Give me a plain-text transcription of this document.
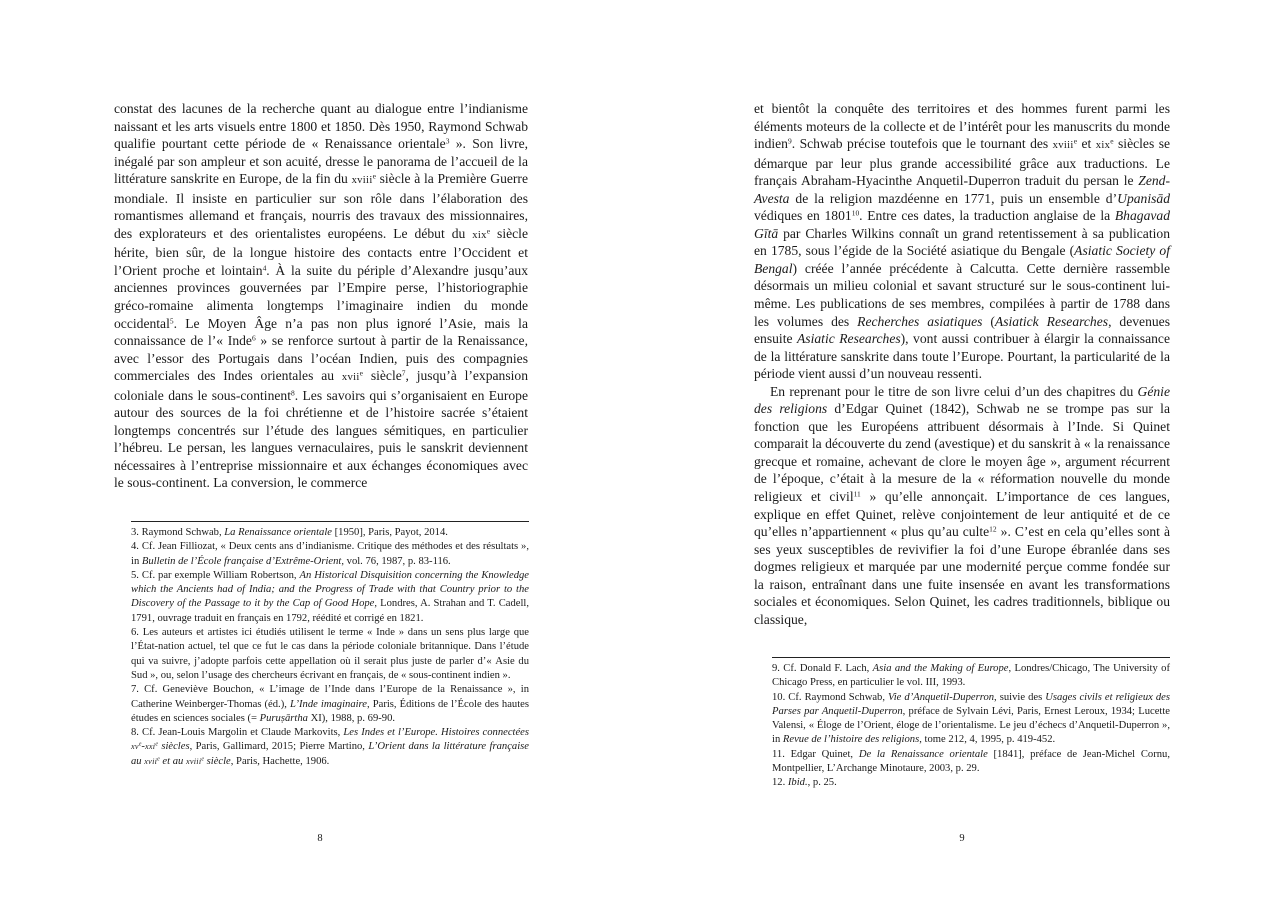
constat des lacunes de la recherche quant au dialogue entre l’indianisme naissant et les arts visuels entre 1800 et 1850. Dès 1950, Raymond Schwab qualifie pourtant cette période de « Renaissance orientale$^3$ ». Son livre, inégalé par son ampleur et son acuité, dresse le panorama de l’accueil de la littérature sanskrite en Europe, de la fin du xviii$^e$ siècle à la Première Guerre mondiale. Il insiste en particulier sur son rôle dans l’élaboration des romantismes allemand et français, nourris des travaux des missionnaires, des explorateurs et des orientalistes européens. Le début du xix$^e$ siècle hérite, bien sûr, de la longue histoire des contacts entre l’Occident et l’Orient proche et lointain$^4$. À la suite du périple d’Alexandre jusqu’aux anciennes provinces gouvernées par l’Empire perse, l’historiographie gréco-romaine alimenta longtemps l’imaginaire indien du monde occidental$^5$. Le Moyen Âge n’a pas non plus ignoré l’Asie, mais la connaissance de l’« Inde$^6$ » se renforce surtout à partir de la Renaissance, avec l’essor des Portugais dans l’océan Indien, puis des compagnies commerciales des Indes orientales au xvii$^e$ siècle$^7$, jusqu’à l’expansion coloniale dans le sous-continent$^8$. Les savoirs qui s’organisaient en Europe autour des sources de la foi chrétienne et de l’histoire sacrée s’étaient longtemps concentrés sur l’étude des langues sémitiques, en particulier l’hébreu. Le persan, les langues vernaculaires, puis le sanskrit deviennent nécessaires à l’entreprise missionnaire et aux échanges économiques avec le sous-continent. La conversion, le commerce

3. Raymond Schwab, La Renaissance orientale [1950], Paris, Payot, 2014.

4. Cf. Jean Filliozat, « Deux cents ans d’indianisme. Critique des méthodes et des résultats », in Bulletin de l’École française d’Extrême-Orient, vol. 76, 1987, p. 83-116.

5. Cf. par exemple William Robertson, An Historical Disquisition concerning the Knowledge which the Ancients had of India; and the Progress of Trade with that Country prior to the Discovery of the Passage to it by the Cap of Good Hope, Londres, A. Strahan and T. Cadell, 1791, ouvrage traduit en français en 1792, réédité et corrigé en 1821.

6. Les auteurs et artistes ici étudiés utilisent le terme « Inde » dans un sens plus large que l’État-nation actuel, tel que ce fut le cas dans la période coloniale britannique. Dans l’étude qui va suivre, j’adopte parfois cette appellation où il serait plus juste de parler d’« Asie du Sud », ou, selon l’usage des chercheurs écrivant en français, de « sous-continent indien ».

7. Cf. Geneviève Bouchon, « L’image de l’Inde dans l’Europe de la Renaissance », in Catherine Weinberger-Thomas (éd.), L’Inde imaginaire, Paris, Éditions de l’École des hautes études en sciences sociales (= Puruṣārtha XI), 1988, p. 69-90.

8. Cf. Jean-Louis Margolin et Claude Markovits, Les Indes et l’Europe. Histoires connectées $xv^e-xxi^e$ siècles, Paris, Gallimard, 2015; Pierre Martino, L’Orient dans la littérature française au xvii$^e$ et au xviii$^e$ siècle, Paris, Hachette, 1906.

8

et bientôt la conquête des territoires et des hommes furent parmi les éléments moteurs de la collecte et de l’intérêt pour les manuscrits du monde indien$^9$. Schwab précise toutefois que le tournant des xviii$^e$ et xix$^e$ siècles se démarque par leur plus grande accessibilité grâce aux traductions. Le français Abraham-Hyacinthe Anquetil-Duperron traduit du persan le Zend-Avesta de la religion mazdéenne en 1771, puis un ensemble d’Upanisād védiques en 1801$^{10}$. Entre ces dates, la traduction anglaise de la Bhagavad Gītā par Charles Wilkins connaît un grand retentissement à sa publication en 1785, sous l’égide de la Société asiatique du Bengale (Asiatic Society of Bengal) créée l’année précédente à Calcutta. Cette dernière rassemble désormais un milieu colonial et savant structuré sur le sous-continent lui-même. Les publications de ses membres, compilées à partir de 1788 dans les volumes des Recherches asiatiques (Asiatick Researches, devenues ensuite Asiatic Researches), vont aussi contribuer à élargir la connaissance de la littérature sanskrite dans toute l’Europe. Pourtant, la particularité de la période vient aussi d’un nouveau ressenti.

En reprenant pour le titre de son livre celui d’un des chapitres du Génie des religions d’Edgar Quinet (1842), Schwab ne se trompe pas sur la fonction que les Européens attribuent désormais à l’Inde. Si Quinet comparait la découverte du zend (avestique) et du sanskrit à « la renaissance grecque et romaine, achevant de clore le moyen âge », argument récurrent de l’époque, c’était à la mesure de la « réformation nouvelle du monde religieux et civil$^{11}$ » qu’elle annonçait. L’importance de ces langues, explique en effet Quinet, relève conjointement de leur antiquité et de ce qu’elles n’appartiennent « plus qu’au culte$^{12}$ ». C’est en cela qu’elles sont à ses yeux susceptibles de revivifier la foi d’une Europe ébranlée dans ses dogmes religieux et marquée par une modernité perçue comme fondée sur la raison, entraînant dans une fuite insensée en avant les transformations sociales et économiques. Selon Quinet, les cadres traditionnels, biblique ou classique,

9. Cf. Donald F. Lach, Asia and the Making of Europe, Londres/Chicago, The University of Chicago Press, en particulier le vol. III, 1993.

10. Cf. Raymond Schwab, Vie d’Anquetil-Duperron, suivie des Usages civils et religieux des Parses par Anquetil-Duperron, préface de Sylvain Lévi, Paris, Ernest Leroux, 1934; Lucette Valensi, « Éloge de l’Orient, éloge de l’orientalisme. Le jeu d’échecs d’Anquetil-Duperron », in Revue de l’histoire des religions, tome 212, 4, 1995, p. 419-452.

11. Edgar Quinet, De la Renaissance orientale [1841], préface de Jean-Michel Cornu, Montpellier, L’Archange Minotaure, 2003, p. 29.

12. Ibid., p. 25.

9
